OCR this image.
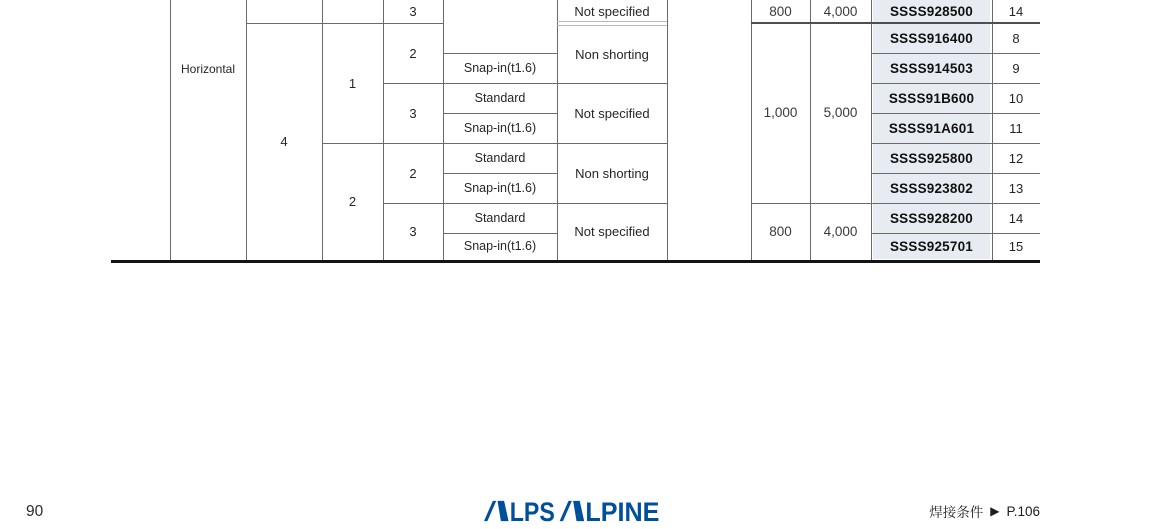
Horizontal
4
1
2
3
2
3
2
3
Snap-in(t1.6)
Standard
Snap-in(t1.6)
Standard
Snap-in(t1.6)
Standard
Snap-in(t1.6)
Not specified
Non shorting
Not specified
Non shorting
Not specified
800
1,000
800
4,000
5,000
4,000
SSSS928500
SSSS916400
SSSS914503
SSSS91B600
SSSS91A601
SSSS925800
SSSS923802
SSSS928200
SSSS925701
14
8
9
10
11
12
13
14
15
90	LPS LPINE	焊接条件 ▶ P.106
